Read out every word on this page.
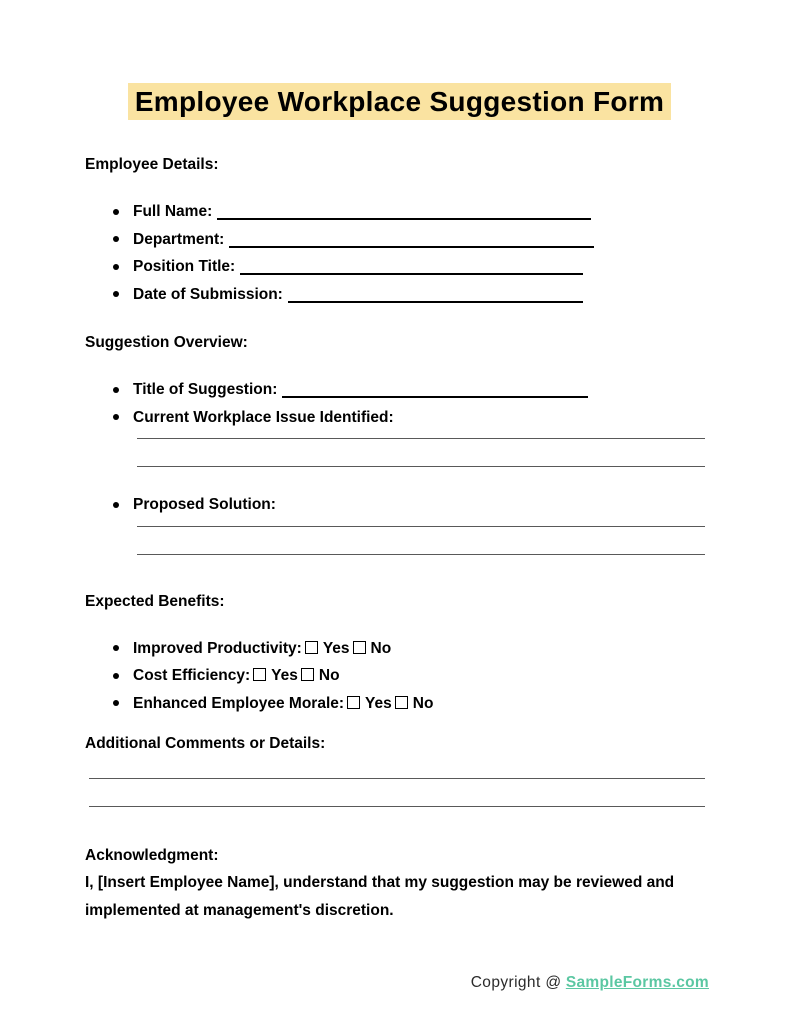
Employee Workplace Suggestion Form
Employee Details:
Full Name:
Department:
Position Title:
Date of Submission:
Suggestion Overview:
Title of Suggestion:
Current Workplace Issue Identified:
Proposed Solution:
Expected Benefits:
Improved Productivity: Yes No
Cost Efficiency: Yes No
Enhanced Employee Morale: Yes No
Additional Comments or Details:
Acknowledgment:

I, [Insert Employee Name], understand that my suggestion may be reviewed and implemented at management's discretion.

Copyright @ SampleForms.com
